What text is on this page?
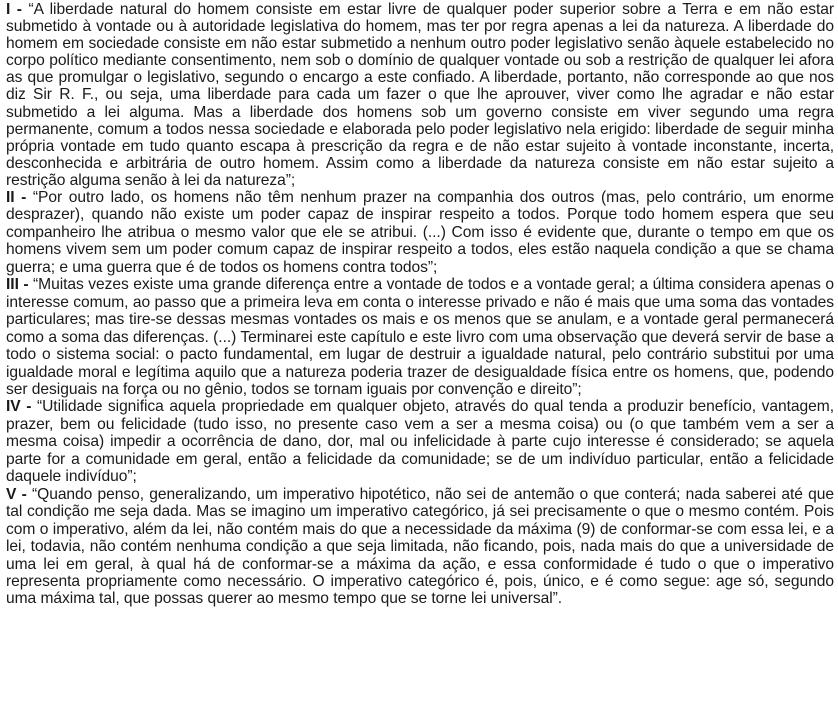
I - “A liberdade natural do homem consiste em estar livre de qualquer poder superior sobre a Terra e em não estar submetido à vontade ou à autoridade legislativa do homem, mas ter por regra apenas a lei da natureza. A liberdade do homem em sociedade consiste em não estar submetido a nenhum outro poder legislativo senão àquele estabelecido no corpo político mediante consentimento, nem sob o domínio de qualquer vontade ou sob a restrição de qualquer lei afora as que promulgar o legislativo, segundo o encargo a este confiado. A liberdade, portanto, não corresponde ao que nos diz Sir R. F., ou seja, uma liberdade para cada um fazer o que lhe aprouver, viver como lhe agradar e não estar submetido a lei alguma. Mas a liberdade dos homens sob um governo consiste em viver segundo uma regra permanente, comum a todos nessa sociedade e elaborada pelo poder legislativo nela erigido: liberdade de seguir minha própria vontade em tudo quanto escapa à prescrição da regra e de não estar sujeito à vontade inconstante, incerta, desconhecida e arbitrária de outro homem. Assim como a liberdade da natureza consiste em não estar sujeito a restrição alguma senão à lei da natureza”;

II - “Por outro lado, os homens não têm nenhum prazer na companhia dos outros (mas, pelo contrário, um enorme desprazer), quando não existe um poder capaz de inspirar respeito a todos. Porque todo homem espera que seu companheiro lhe atribua o mesmo valor que ele se atribui. (...) Com isso é evidente que, durante o tempo em que os homens vivem sem um poder comum capaz de inspirar respeito a todos, eles estão naquela condição a que se chama guerra; e uma guerra que é de todos os homens contra todos”;

III - “Muitas vezes existe uma grande diferença entre a vontade de todos e a vontade geral; a última considera apenas o interesse comum, ao passo que a primeira leva em conta o interesse privado e não é mais que uma soma das vontades particulares; mas tire-se dessas mesmas vontades os mais e os menos que se anulam, e a vontade geral permanecerá como a soma das diferenças. (...) Terminarei este capítulo e este livro com uma observação que deverá servir de base a todo o sistema social: o pacto fundamental, em lugar de destruir a igualdade natural, pelo contrário substitui por uma igualdade moral e legítima aquilo que a natureza poderia trazer de desigualdade física entre os homens, que, podendo ser desiguais na força ou no gênio, todos se tornam iguais por convenção e direito”;

IV - “Utilidade significa aquela propriedade em qualquer objeto, através do qual tenda a produzir benefício, vantagem, prazer, bem ou felicidade (tudo isso, no presente caso vem a ser a mesma coisa) ou (o que também vem a ser a mesma coisa) impedir a ocorrência de dano, dor, mal ou infelicidade à parte cujo interesse é considerado; se aquela parte for a comunidade em geral, então a felicidade da comunidade; se de um indivíduo particular, então a felicidade daquele indivíduo”;

V - “Quando penso, generalizando, um imperativo hipotético, não sei de antemão o que conterá; nada saberei até que tal condição me seja dada. Mas se imagino um imperativo categórico, já sei precisamente o que o mesmo contém. Pois com o imperativo, além da lei, não contém mais do que a necessidade da máxima (9) de conformar-se com essa lei, e a lei, todavia, não contém nenhuma condição a que seja limitada, não ficando, pois, nada mais do que a universidade de uma lei em geral, à qual há de conformar-se a máxima da ação, e essa conformidade é tudo o que o imperativo representa propriamente como necessário. O imperativo categórico é, pois, único, e é como segue: age só, segundo uma máxima tal, que possas querer ao mesmo tempo que se torne lei universal”.
